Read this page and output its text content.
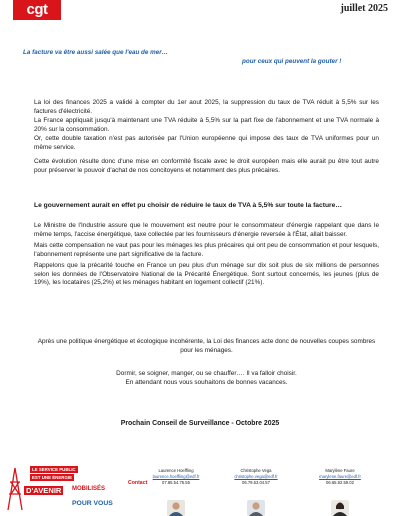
cgt	juillet 2025
La facture va être aussi salée que l'eau de mer…
pour ceux qui peuvent la gouter !

La loi des finances 2025 a validé à compter du 1er aout 2025, la suppression du taux de TVA réduit à 5,5% sur les factures d'électricité.

La France appliquait jusqu'à maintenant une TVA réduite à 5,5% sur la part fixe de l'abonnement et une TVA normale à 20% sur la consommation.

Or, cette double taxation n'est pas autorisée par l'Union européenne qui impose des taux de TVA uniformes pour un même service.

Cette évolution résulte donc d'une mise en conformité fiscale avec le droit européen mais elle aurait pu être tout autre pour préserver le pouvoir d'achat de nos concitoyens et notamment des plus précaires.
Le gouvernement aurait en effet pu choisir de réduire le taux de TVA à 5,5% sur toute la facture…

Le Ministre de l'Industrie assure que le mouvement est neutre pour le consommateur d'énergie rappelant que dans le même temps, l'accise énergétique, taxe collectée par les fournisseurs d'énergie reversée à l'État, allait baisser.

Mais cette compensation ne vaut pas pour les ménages les plus précaires qui ont peu de consommation et pour lesquels, l'abonnement représente une part significative de la facture.

Rappelons que la précarité touche en France un peu plus d'un ménage sur dix soit plus de six millions de personnes selon les données de l'Observatoire National de la Précarité Énergétique. Sont surtout concernés, les jeunes (plus de 19%), les locataires (25,2%) et les ménages habitant en logement collectif (21%).

Après une politique énergétique et écologique incohérente, la Loi des finances acte donc de nouvelles coupes sombres pour les ménages.

Dormir, se soigner, manger, ou se chauffer…. Il va falloir choisir.

En attendant nous vous souhaitons de bonnes vacances.

Prochain Conseil de Surveillance - Octobre 2025
LE SERVICE PUBLIC
EST UNE ÉNERGIE
D'AVENIR	MOBILISÉS
POUR VOUS
Contact
Laurence Hoeffling
laurence.hoeffling@edf.fr
07.85.54.75.55
Christophe Vega
christophe.vega@edf.fr
06.79.63.04.57
Marylène Faure
marylene.faure@edf.fr
06.65.92.59.02
